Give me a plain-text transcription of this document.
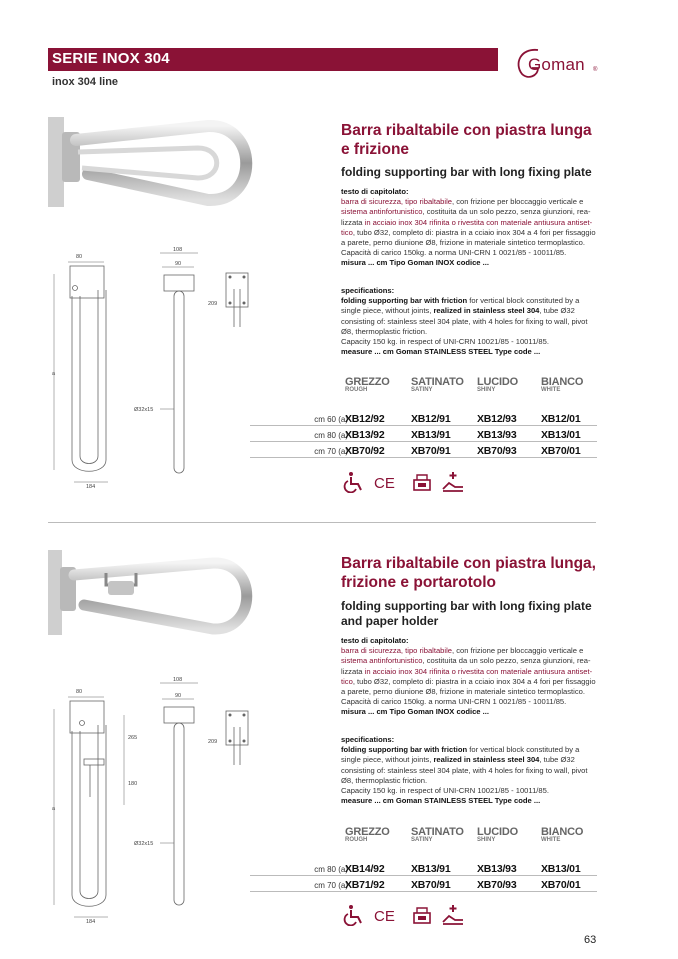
SERIE INOX 304
inox 304 line
Goman ®
80
a
184
108
90
Ø32x15
209
Barra ribaltabile con piastra lunga
e frizione
folding supporting bar with long fixing plate
testo di capitolato:
barra di sicurezza, tipo ribaltabile, con frizione per bloccaggio verticale e
sistema antinfortunistico, costituita da un solo pezzo, senza giunzioni, rea-
lizzata in acciaio inox 304 rifinita o rivestita con materiale antiusura antiset-
tico, tubo Ø32, completo di: piastra in a cciaio inox 304 a 4 fori per fissaggio
a parete, perno diunione Ø8, frizione in materiale sintetico termoplastico.
Capacità di carico 150kg. a norma UNI-CRN 1 0021/85 - 10011/85.
misura ... cm Tipo Goman INOX codice ...
specifications:
folding supporting bar with friction for vertical block constituted by a
single piece, without joints, realized in stainless steel 304, tube Ø32
consisting of: stainless steel 304 plate, with 4 holes for fixing to wall, pivot
Ø8, thermoplastic friction.
Capacity 150 kg. in respect of UNI-CRN 10021/85 - 10011/85.
measure ... cm Goman STAINLESS STEEL Type code ...
GREZZO
ROUGH
SATINATO
SATINY
LUCIDO
SHINY
BIANCO
WHITE
cm 60 (a)
XB12/92	XB12/91	XB12/93 XB12/01
cm 80 (a)
XB13/92	XB13/91	XB13/93 XB13/01
cm 70 (a)
XB70/92	XB70/91	XB70/93 XB70/01
CE
80
265
180
a
184
108
90
Ø32x15
209
Barra ribaltabile con piastra lunga,
frizione e portarotolo
folding supporting bar with long fixing plate
and paper holder
testo di capitolato:
barra di sicurezza, tipo ribaltabile, con frizione per bloccaggio verticale e
sistema antinfortunistico, costituita da un solo pezzo, senza giunzioni, rea-
lizzata in acciaio inox 304 rifinita o rivestita con materiale antiusura antiset-
tico, tubo Ø32, completo di: piastra in a cciaio inox 304 a 4 fori per fissaggio
a parete, perno diunione Ø8, frizione in materiale sintetico termoplastico.
Capacità di carico 150kg. a norma UNI-CRN 1 0021/85 - 10011/85.
misura ... cm Tipo Goman INOX codice ...
specifications:
folding supporting bar with friction for vertical block constituted by a
single piece, without joints, realized in stainless steel 304, tube Ø32
consisting of: stainless steel 304 plate, with 4 holes for fixing to wall, pivot
Ø8, thermoplastic friction.
Capacity 150 kg. in respect of UNI-CRN 10021/85 - 10011/85.
measure ... cm Goman STAINLESS STEEL Type code ...
GREZZO
ROUGH
SATINATO
SATINY
LUCIDO
SHINY
BIANCO
WHITE
cm 80 (a)
XB14/92	XB13/91	XB13/93 XB13/01
cm 70 (a)
XB71/92	XB70/91	XB70/93 XB70/01
CE
63
